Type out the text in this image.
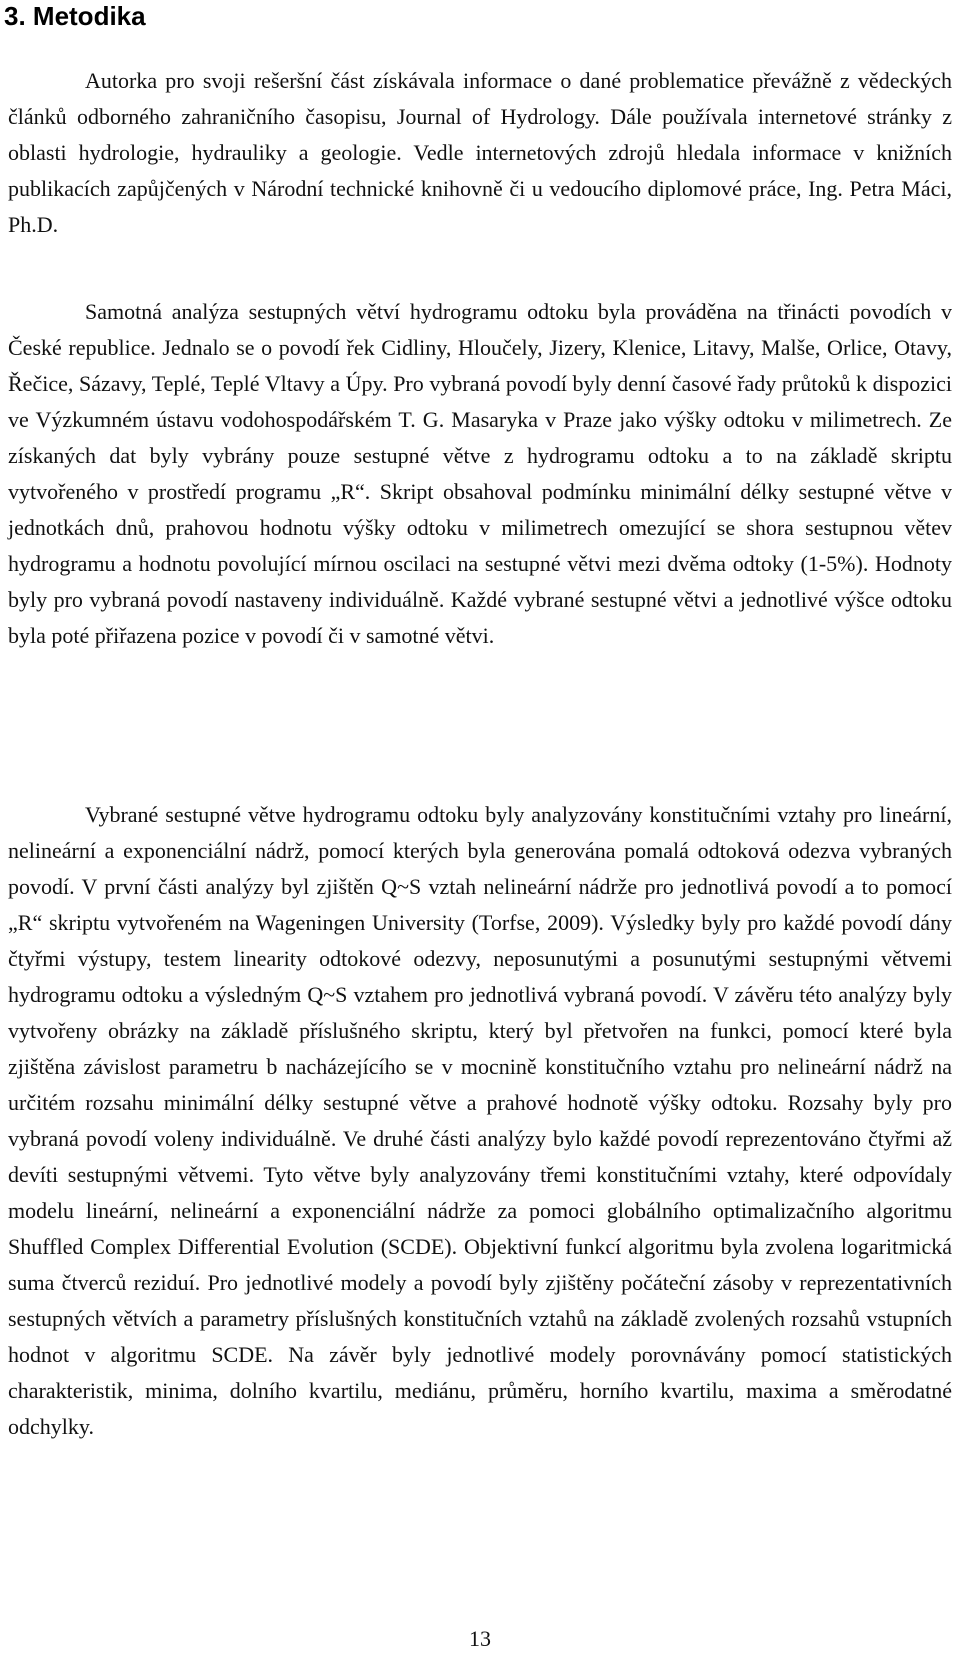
3. Metodika

Autorka pro svoji rešeršní část získávala informace o dané problematice převážně z vědeckých článků odborného zahraničního časopisu, Journal of Hydrology. Dále používala internetové stránky z oblasti hydrologie, hydrauliky a geologie. Vedle internetových zdrojů hledala informace v knižních publikacích zapůjčených v Národní technické knihovně či u vedoucího diplomové práce, Ing. Petra Máci, Ph.D.

Samotná analýza sestupných větví hydrogramu odtoku byla prováděna na třinácti povodích v České republice. Jednalo se o povodí řek Cidliny, Hloučely, Jizery, Klenice, Litavy, Malše, Orlice, Otavy, Řečice, Sázavy, Teplé, Teplé Vltavy a Úpy. Pro vybraná povodí byly denní časové řady průtoků k dispozici ve Výzkumném ústavu vodohospodářském T. G. Masaryka v Praze jako výšky odtoku v milimetrech. Ze získaných dat byly vybrány pouze sestupné větve z hydrogramu odtoku a to na základě skriptu vytvořeného v prostředí programu „R“. Skript obsahoval podmínku minimální délky sestupné větve v jednotkách dnů, prahovou hodnotu výšky odtoku v milimetrech omezující se shora sestupnou větev hydrogramu a hodnotu povolující mírnou oscilaci na sestupné větvi mezi dvěma odtoky (1-5%). Hodnoty byly pro vybraná povodí nastaveny individuálně. Každé vybrané sestupné větvi a jednotlivé výšce odtoku byla poté přiřazena pozice v povodí či v samotné větvi.

Vybrané sestupné větve hydrogramu odtoku byly analyzovány konstitučními vztahy pro lineární, nelineární a exponenciální nádrž, pomocí kterých byla generována pomalá odtoková odezva vybraných povodí. V první části analýzy byl zjištěn Q~S vztah nelineární nádrže pro jednotlivá povodí a to pomocí „R“ skriptu vytvořeném na Wageningen University (Torfse, 2009). Výsledky byly pro každé povodí dány čtyřmi výstupy, testem linearity odtokové odezvy, neposunutými a posunutými sestupnými větvemi hydrogramu odtoku a výsledným Q~S vztahem pro jednotlivá vybraná povodí. V závěru této analýzy byly vytvořeny obrázky na základě příslušného skriptu, který byl přetvořen na funkci, pomocí které byla zjištěna závislost parametru b nacházejícího se v mocnině konstitučního vztahu pro nelineární nádrž na určitém rozsahu minimální délky sestupné větve a prahové hodnotě výšky odtoku. Rozsahy byly pro vybraná povodí voleny individuálně. Ve druhé části analýzy bylo každé povodí reprezentováno čtyřmi až devíti sestupnými větvemi. Tyto větve byly analyzovány třemi konstitučními vztahy, které odpovídaly modelu lineární, nelineární a exponenciální nádrže za pomoci globálního optimalizačního algoritmu Shuffled Complex Differential Evolution (SCDE). Objektivní funkcí algoritmu byla zvolena logaritmická suma čtverců reziduí. Pro jednotlivé modely a povodí byly zjištěny počáteční zásoby v reprezentativních sestupných větvích a parametry příslušných konstitučních vztahů na základě zvolených rozsahů vstupních hodnot v algoritmu SCDE. Na závěr byly jednotlivé modely porovnávány pomocí statistických charakteristik, minima, dolního kvartilu, mediánu, průměru, horního kvartilu, maxima a směrodatné odchylky.

13
